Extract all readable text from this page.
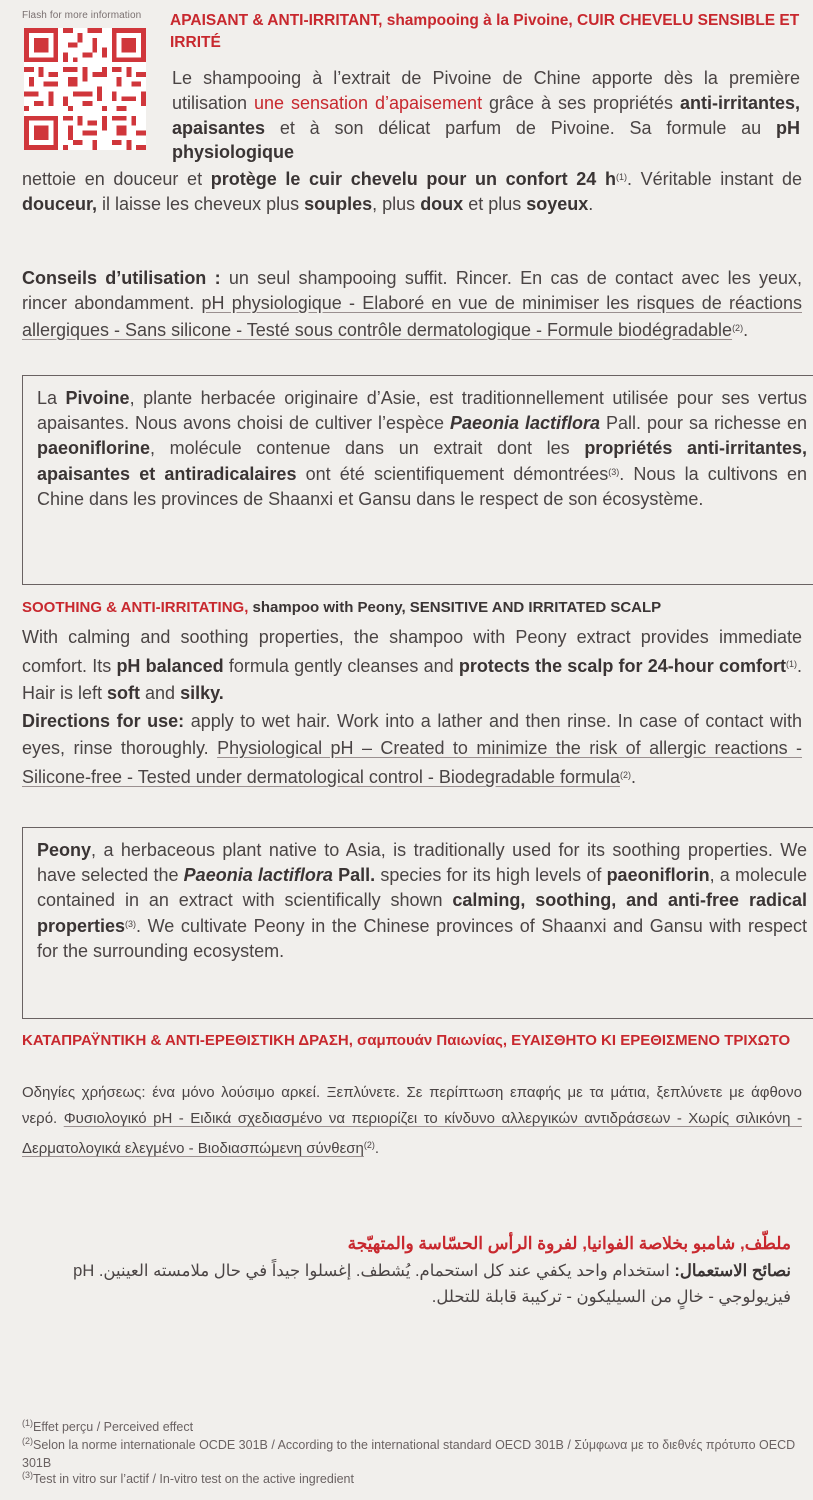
Flash for more information APAISANT & ANTI-IRRITANT, shampooing à la Pivoine, CUIR CHEVELU SENSIBLE ET IRRITÉ
Le shampooing à l’extrait de Pivoine de Chine apporte dès la première utilisation une sensation d’apaisement grâce à ses propriétés anti-irritantes, apaisantes et à son délicat parfum de Pivoine. Sa formule au pH physiologique
nettoie en douceur et protège le cuir chevelu pour un confort 24 $h^{(1)}$. Véritable instant de douceur, il laisse les cheveux plus souples, plus doux et plus soyeux.
Conseils d’utilisation : un seul shampooing suffit. Rincer. En cas de contact avec les yeux, rincer abondamment. pH physiologique - Elaboré en vue de minimiser les risques de réactions allergiques - Sans silicone - Testé sous contrôle dermatologique - Formule biodégradable$^{(2)}$.
La Pivoine, plante herbacée originaire d’Asie, est traditionnellement utilisée pour ses vertus apaisantes. Nous avons choisi de cultiver l’espèce Paeonia lactiflora Pall. pour sa richesse en paeoniflorine, molécule contenue dans un extrait dont les propriétés anti-irritantes, apaisantes et antiradicalaires ont été scientifiquement démontrées$^{(3)}$. Nous la cultivons en Chine dans les provinces de Shaanxi et Gansu dans le respect de son écosystème.
SOOTHING & ANTI-IRRITATING, shampoo with Peony, SENSITIVE AND IRRITATED SCALP
With calming and soothing properties, the shampoo with Peony extract provides immediate comfort. Its pH balanced formula gently cleanses and protects the scalp for 24-hour comfort$^{(1)}$. Hair is left soft and silky.
Directions for use: apply to wet hair. Work into a lather and then rinse. In case of contact with eyes, rinse thoroughly. Physiological pH – Created to minimize the risk of allergic reactions - Silicone-free - Tested under dermatological control - Biodegradable formula$^{(2)}$.
Peony, a herbaceous plant native to Asia, is traditionally used for its soothing properties. We have selected the Paeonia lactiflora Pall. species for its high levels of paeoniflorin, a molecule contained in an extract with scientifically shown calming, soothing, and anti-free radical properties$^{(3)}$. We cultivate Peony in the Chinese provinces of Shaanxi and Gansu with respect for the surrounding ecosystem.
ΚΑΤΑΠΡΑΫΝΤΙΚΗ & ΑΝΤΙ-ΕΡΕΘΙΣΤΙΚΗ ΔΡΑΣΗ, σαμπουάν Παιωνίας, ΕΥΑΙΣΘΗΤΟ ΚΙ ΕΡΕΘΙΣΜΕΝΟ ΤΡΙΧΩΤΟ
Οδηγίες χρήσεως: ένα μόνο λούσιμο αρκεί. Ξεπλύνετε. Σε περίπτωση επαφής με τα μάτια, ξεπλύνετε με άφθονο νερό. Φυσιολογικό pH - Ειδικά σχεδιασμένο να περιορίζει το κίνδυνο αλλεργικών αντιδράσεων - Χωρίς σιλικόνη - Δερματολογικά ελεγμένο - Βιοδιασπώμενη σύνθεση$^{(2)}$.
ملطّف, شامبو بخلاصة الفوانيا, لفروة الرأس الحسّاسة والمتهيّجة
نصائح الاستعمال: استخدام واحد يكفي عند كل استحمام. يُشطف. إغسلوا جيداً في حال ملامسته العينين. pH فيزيولوجي - خالٍ من السيليكون - تركيبة قابلة للتحلل.
$^{(1)}$Effet perçu / Perceived effect
$^{(2)}$Selon la norme internationale OCDE 301B / According to the international standard OECD 301B / Σύμφωνα με το διεθνές πρότυπο OECD 301B
$^{(3)}$Test in vitro sur l’actif / In-vitro test on the active ingredient
